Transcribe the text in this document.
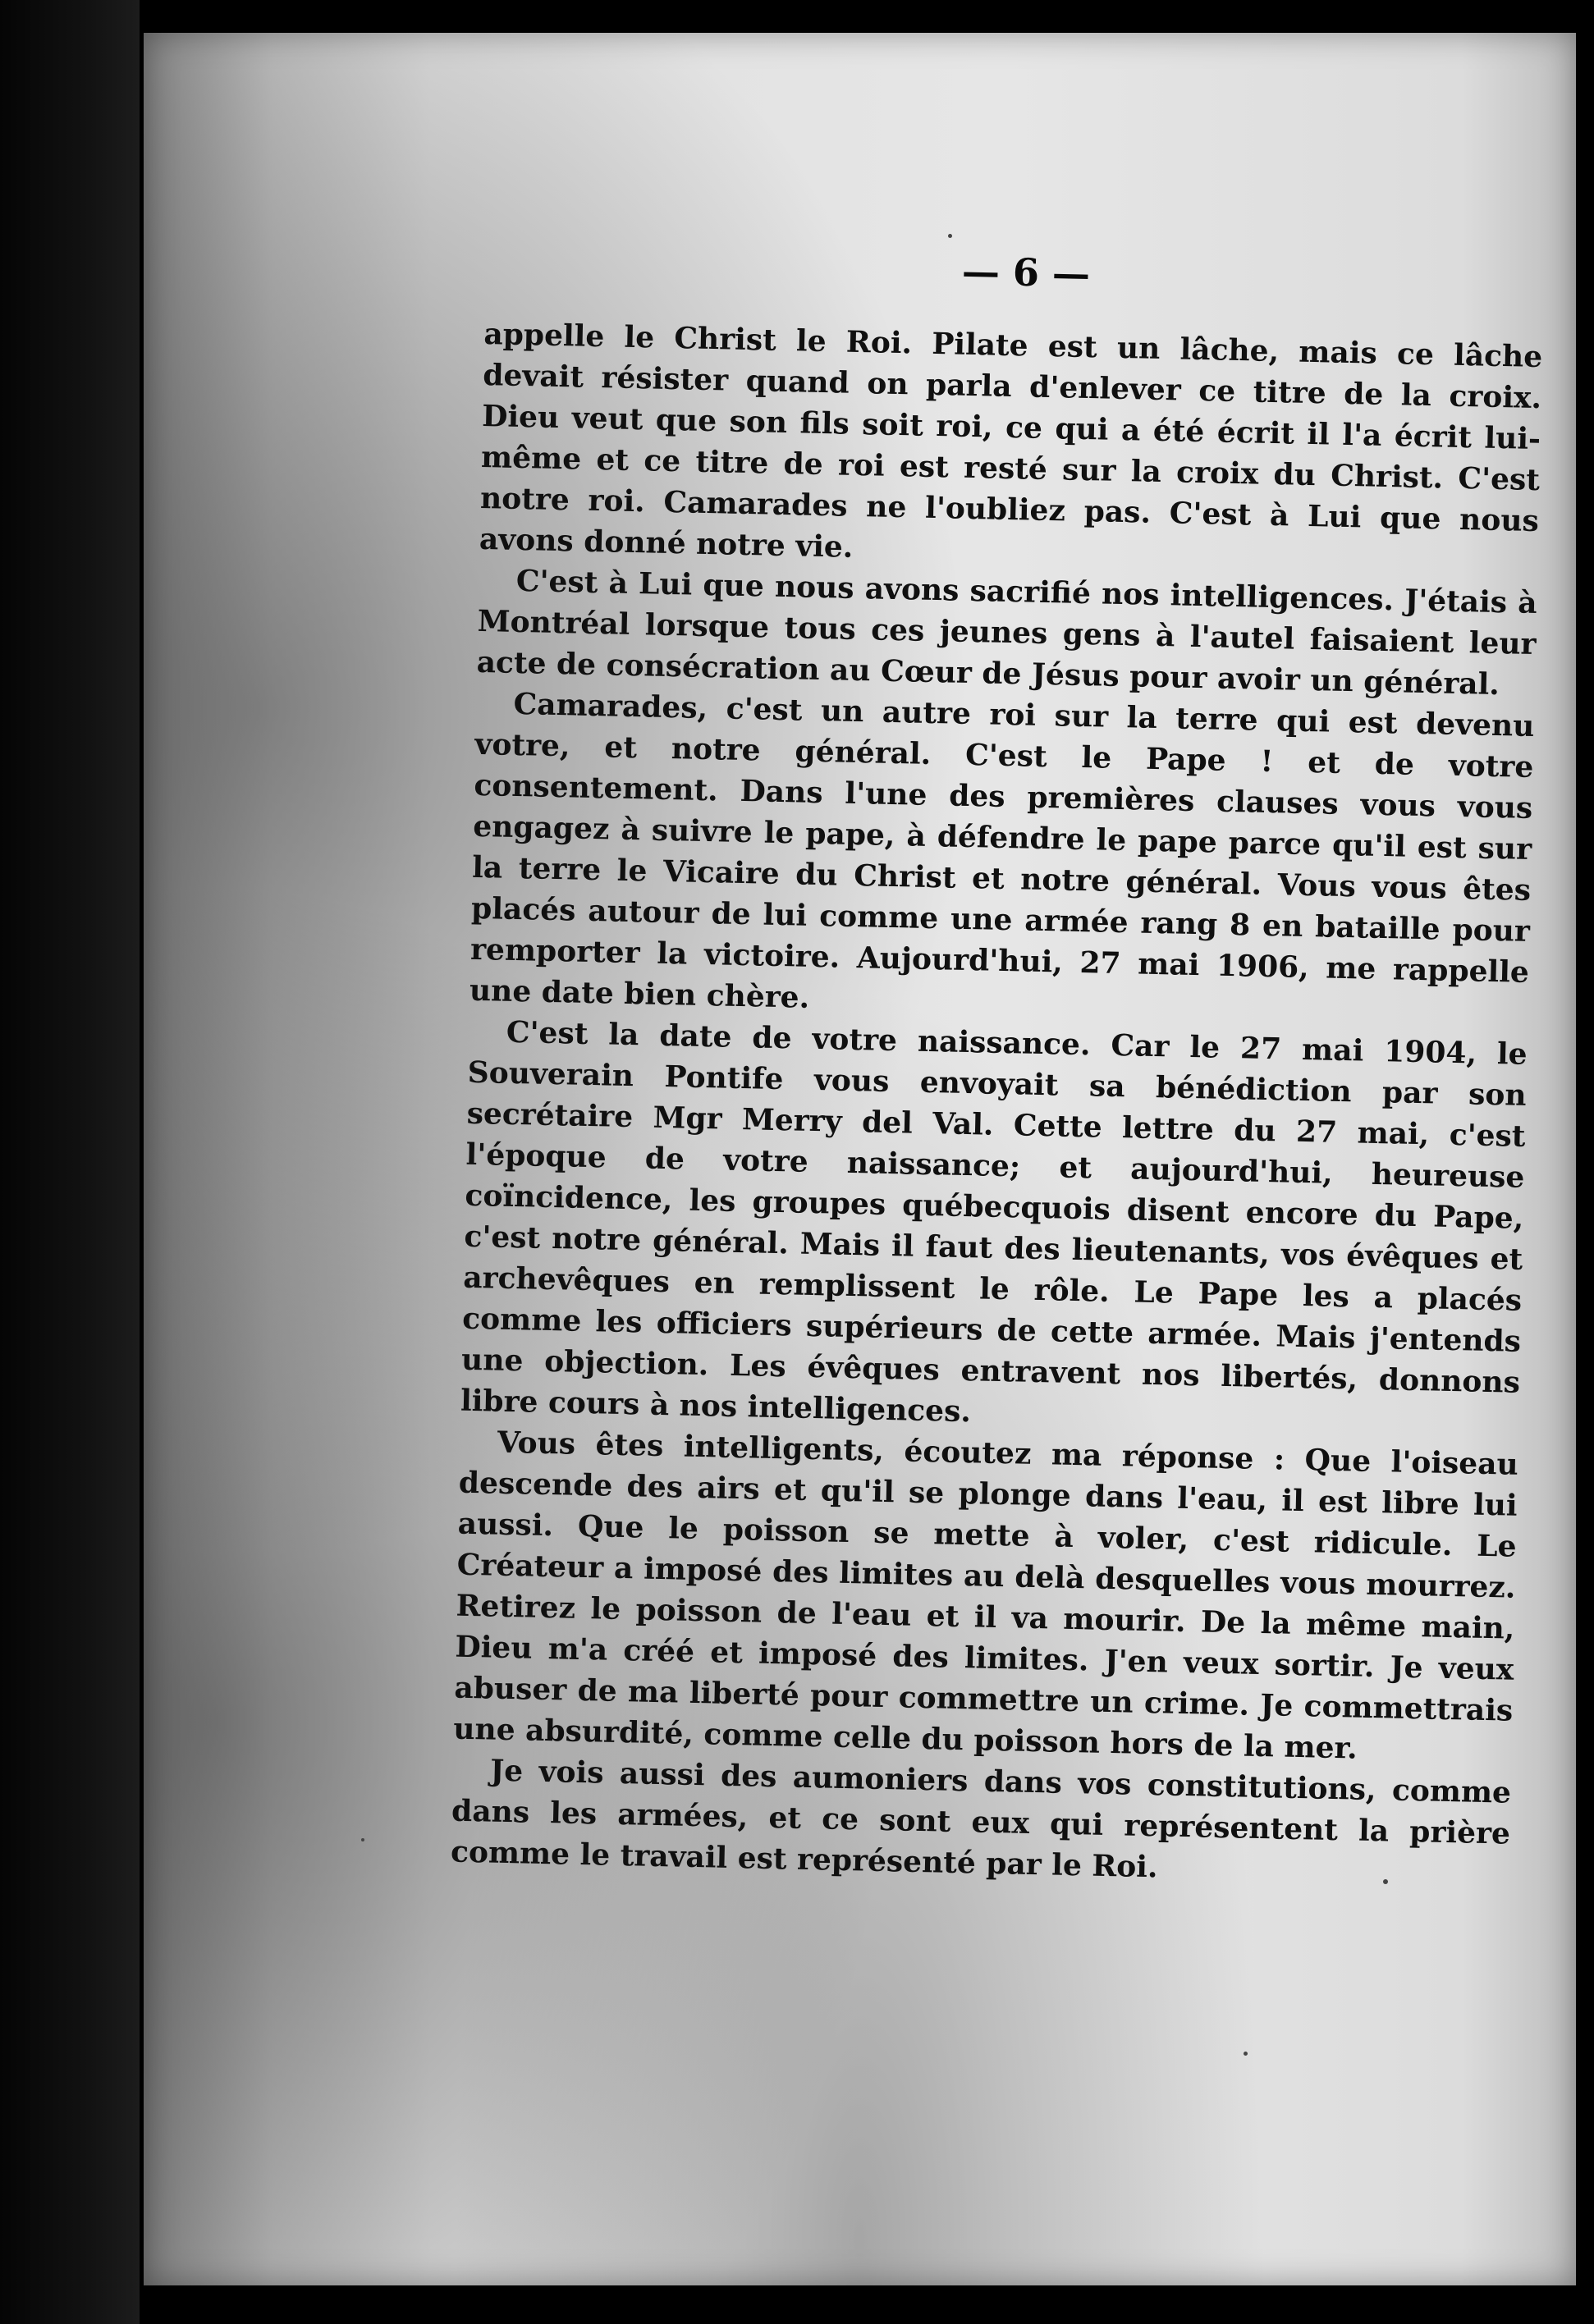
— 6 —

appelle le Christ le Roi. Pilate est un lâche, mais ce lâche devait résister quand on parla d'enlever ce titre de la croix. Dieu veut que son fils soit roi, ce qui a été écrit il l'a écrit lui-même et ce titre de roi est resté sur la croix du Christ. C'est notre roi. Camarades ne l'oubliez pas. C'est à Lui que nous avons donné notre vie.

C'est à Lui que nous avons sacrifié nos intelligences. J'étais à Montréal lorsque tous ces jeunes gens à l'autel faisaient leur acte de consécration au Cœur de Jésus pour avoir un général.

Camarades, c'est un autre roi sur la terre qui est devenu votre, et notre général. C'est le Pape ! et de votre consentement. Dans l'une des premières clauses vous vous engagez à suivre le pape, à défendre le pape parce qu'il est sur la terre le Vicaire du Christ et notre général. Vous vous êtes placés autour de lui comme une armée rang 8 en bataille pour remporter la victoire. Aujourd'hui, 27 mai 1906, me rappelle une date bien chère.

C'est la date de votre naissance. Car le 27 mai 1904, le Souverain Pontife vous envoyait sa bénédiction par son secrétaire Mgr Merry del Val. Cette lettre du 27 mai, c'est l'époque de votre naissance; et aujourd'hui, heureuse coïncidence, les groupes québecquois disent encore du Pape, c'est notre général. Mais il faut des lieutenants, vos évêques et archevêques en remplissent le rôle. Le Pape les a placés comme les officiers supérieurs de cette armée. Mais j'entends une objection. Les évêques entravent nos libertés, donnons libre cours à nos intelligences.

Vous êtes intelligents, écoutez ma réponse : Que l'oiseau descende des airs et qu'il se plonge dans l'eau, il est libre lui aussi. Que le poisson se mette à voler, c'est ridicule. Le Créateur a imposé des limites au delà desquelles vous mourrez. Retirez le poisson de l'eau et il va mourir. De la même main, Dieu m'a créé et imposé des limites. J'en veux sortir. Je veux abuser de ma liberté pour commettre un crime. Je commettrais une absurdité, comme celle du poisson hors de la mer.

Je vois aussi des aumoniers dans vos constitutions, comme dans les armées, et ce sont eux qui représentent la prière comme le travail est représenté par le Roi.
